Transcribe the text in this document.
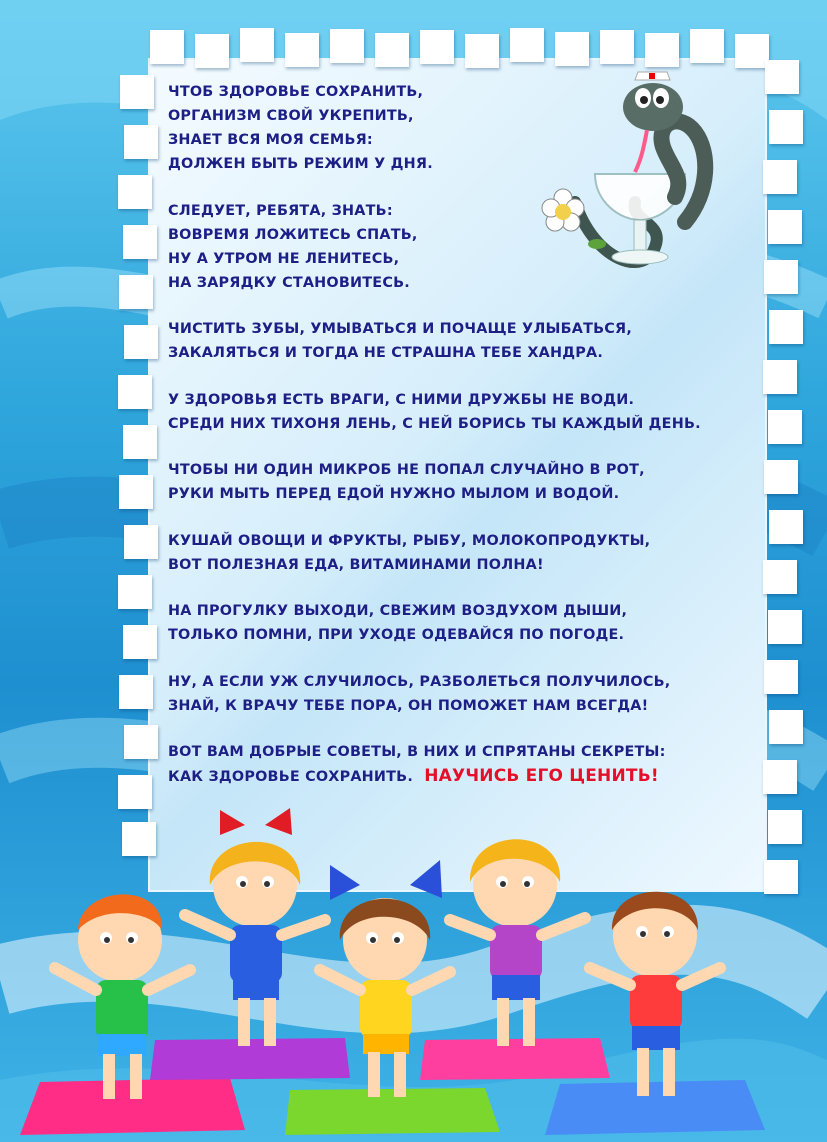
ЧТОБ ЗДОРОВЬЕ СОХРАНИТЬ,
ОРГАНИЗМ СВОЙ УКРЕПИТЬ,
ЗНАЕТ ВСЯ МОЯ СЕМЬЯ:
ДОЛЖЕН БЫТЬ РЕЖИМ У ДНЯ.

СЛЕДУЕТ, РЕБЯТА, ЗНАТЬ:
ВОВРЕМЯ ЛОЖИТЕСЬ СПАТЬ,
НУ А УТРОМ НЕ ЛЕНИТЕСЬ,
НА ЗАРЯДКУ СТАНОВИТЕСЬ.

ЧИСТИТЬ ЗУБЫ, УМЫВАТЬСЯ И ПОЧАЩЕ УЛЫБАТЬСЯ,
ЗАКАЛЯТЬСЯ И ТОГДА НЕ СТРАШНА ТЕБЕ ХАНДРА.

У ЗДОРОВЬЯ ЕСТЬ ВРАГИ, С НИМИ ДРУЖБЫ НЕ ВОДИ.
СРЕДИ НИХ ТИХОНЯ ЛЕНЬ, С НЕЙ БОРИСЬ ТЫ КАЖДЫЙ ДЕНЬ.

ЧТОБЫ НИ ОДИН МИКРОБ НЕ ПОПАЛ СЛУЧАЙНО В РОТ,
РУКИ МЫТЬ ПЕРЕД ЕДОЙ НУЖНО МЫЛОМ И ВОДОЙ.

КУШАЙ ОВОЩИ И ФРУКТЫ, РЫБУ, МОЛОКОПРОДУКТЫ,
ВОТ ПОЛЕЗНАЯ ЕДА, ВИТАМИНАМИ ПОЛНА!

НА ПРОГУЛКУ ВЫХОДИ, СВЕЖИМ ВОЗДУХОМ ДЫШИ,
ТОЛЬКО ПОМНИ, ПРИ УХОДЕ ОДЕВАЙСЯ ПО ПОГОДЕ.

НУ, А ЕСЛИ УЖ СЛУЧИЛОСЬ, РАЗБОЛЕТЬСЯ ПОЛУЧИЛОСЬ,
ЗНАЙ, К ВРАЧУ ТЕБЕ ПОРА, ОН ПОМОЖЕТ НАМ ВСЕГДА!

ВОТ ВАМ ДОБРЫЕ СОВЕТЫ, В НИХ И СПРЯТАНЫ СЕКРЕТЫ:
КАК ЗДОРОВЬЕ СОХРАНИТЬ. НАУЧИСЬ ЕГО ЦЕНИТЬ!
